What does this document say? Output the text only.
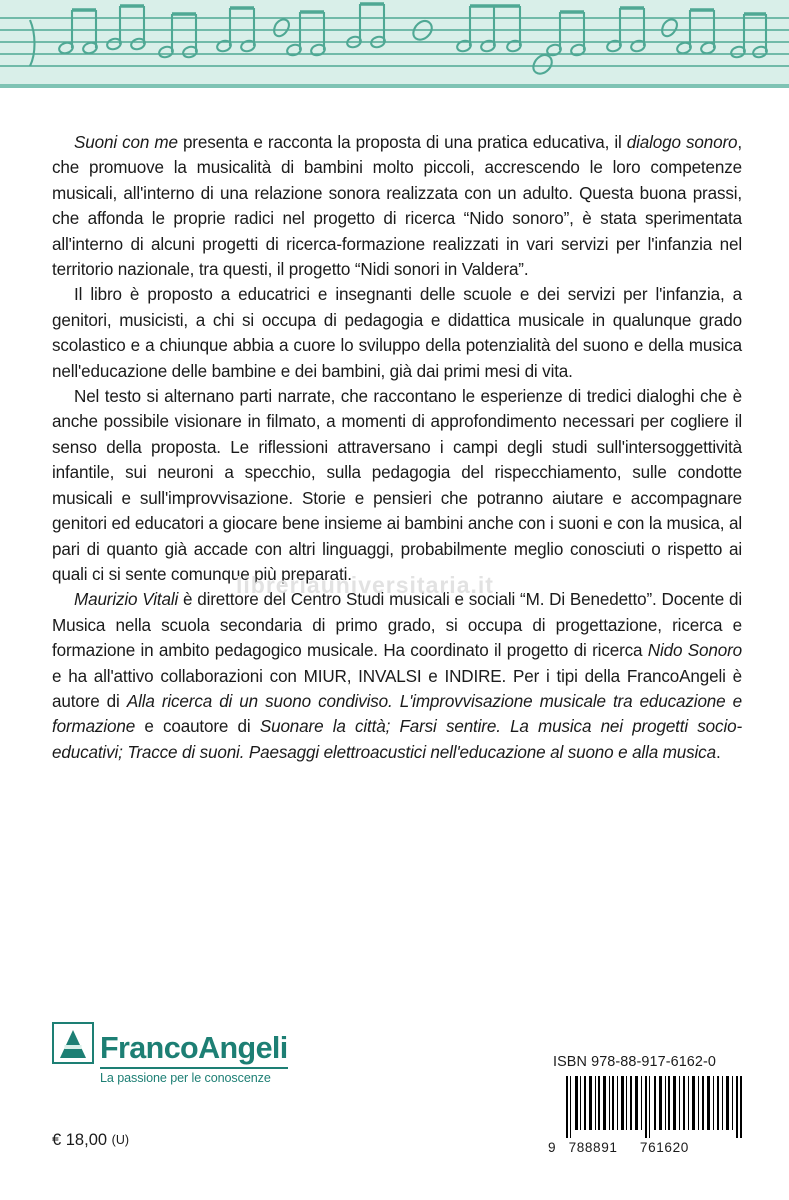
Suoni con me presenta e racconta la proposta di una pratica educativa, il dialogo sonoro, che promuove la musicalità di bambini molto piccoli, accrescendo le loro competenze musicali, all'interno di una relazione sonora realizzata con un adulto. Questa buona prassi, che affonda le proprie radici nel progetto di ricerca “Nido sonoro”, è stata sperimentata all'interno di alcuni progetti di ricerca-formazione realizzati in vari servizi per l'infanzia nel territorio nazionale, tra questi, il progetto “Nidi sonori in Valdera”.

Il libro è proposto a educatrici e insegnanti delle scuole e dei servizi per l'infanzia, a genitori, musicisti, a chi si occupa di pedagogia e didattica musicale in qualunque grado scolastico e a chiunque abbia a cuore lo sviluppo della potenzialità del suono e della musica nell'educazione delle bambine e dei bambini, già dai primi mesi di vita.

Nel testo si alternano parti narrate, che raccontano le esperienze di tredici dialoghi che è anche possibile visionare in filmato, a momenti di approfondimento necessari per cogliere il senso della proposta. Le riflessioni attraversano i campi degli studi sull'intersoggettività infantile, sui neuroni a specchio, sulla pedagogia del rispecchiamento, sulle condotte musicali e sull'improvvisazione. Storie e pensieri che potranno aiutare e accompagnare genitori ed educatori a giocare bene insieme ai bambini anche con i suoni e con la musica, al pari di quanto già accade con altri linguaggi, probabilmente meglio conosciuti o rispetto ai quali ci si sente comunque più preparati.

Maurizio Vitali è direttore del Centro Studi musicali e sociali “M. Di Benedetto”. Docente di Musica nella scuola secondaria di primo grado, si occupa di progettazione, ricerca e formazione in ambito pedagogico musicale. Ha coordinato il progetto di ricerca Nido Sonoro e ha all'attivo collaborazioni con MIUR, INVALSI e INDIRE. Per i tipi della FrancoAngeli è autore di Alla ricerca di un suono condiviso. L'improvvisazione musicale tra educazione e formazione e coautore di Suonare la città; Farsi sentire. La musica nei progetti socio-educativi; Tracce di suoni. Paesaggi elettroacustici nell'educazione al suono e alla musica.

libreriauniversitaria.it
FrancoAngeli
La passione per le conoscenze
€ 18,00 (U)
ISBN 978-88-917-6162-0
9 788891 761620
